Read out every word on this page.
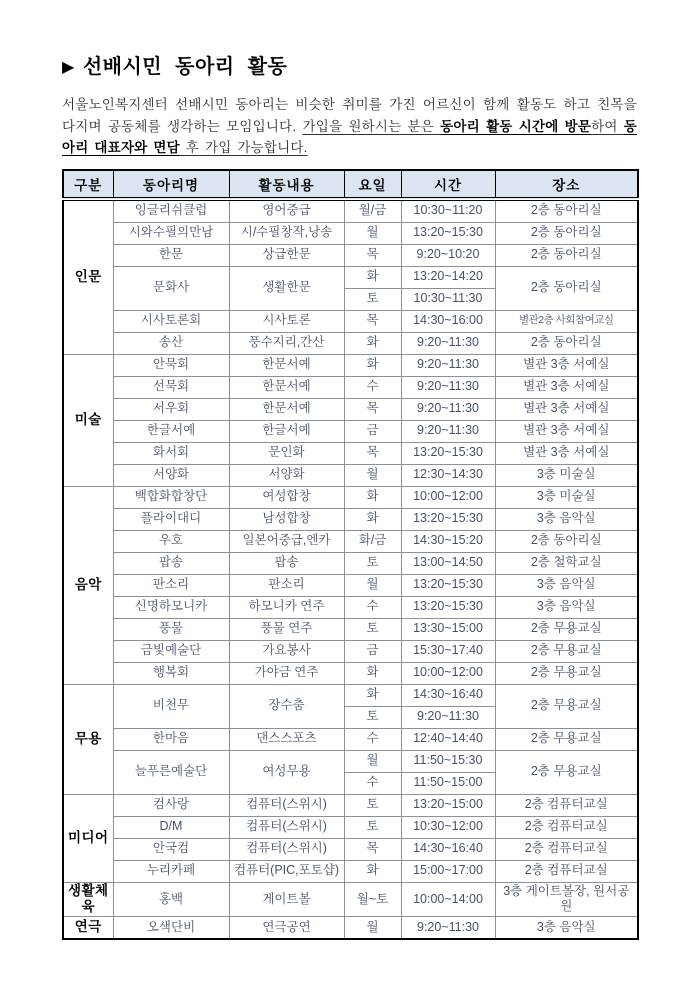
▶ 선배시민 동아리 활동

서울노인복지센터 선배시민 동아리는 비슷한 취미를 가진 어르신이 함께 활동도 하고 친목을 다지며 공동체를 생각하는 모임입니다. 가입을 원하시는 분은 동아리 활동 시간에 방문하여 동아리 대표자와 면담 후 가입 가능합니다.

구분	동아리명	활동내용	요일	시간	장소
인문	잉글리쉬클럽	영어중급	월/금	10:30~11:20	2층 동아리실
	시와수필의만남	시/수필창작,낭송	월	13:20~15:30	2층 동아리실
	한문	상급한문	목	9:20~10:20	2층 동아리실
	문화사	생활한문	화	13:20~14:20	2층 동아리실
			토	10:30~11:30	
	시사토론회	시사토론	목	14:30~16:00	별관2층 사회참여교실
	송산	풍수지리,간산	화	9:20~11:30	2층 동아리실
미술	안묵회	한문서예	화	9:20~11:30	별관 3층 서예실
	선묵회	한문서예	수	9:20~11:30	별관 3층 서예실
	서우회	한문서예	목	9:20~11:30	별관 3층 서예실
	한글서예	한글서예	금	9:20~11:30	별관 3층 서예실
	화서회	문인화	목	13:20~15:30	별관 3층 서예실
	서양화	서양화	월	12:30~14:30	3층 미술실
음악	백합화합창단	여성합창	화	10:00~12:00	3층 미술실
	플라이대디	남성합창	화	13:20~15:30	3층 음악실
	우호	일본어중급,엔카	화/금	14:30~15:20	2층 동아리실
	팝송	팝송	토	13:00~14:50	2층 철학교실
	판소리	판소리	월	13:20~15:30	3층 음악실
	신명하모니카	하모니카 연주	수	13:20~15:30	3층 음악실
	풍물	풍물 연주	토	13:30~15:00	2층 무용교실
	금빛예술단	가요봉사	금	15:30~17:40	2층 무용교실
	행복회	가야금 연주	화	10:00~12:00	2층 무용교실
무용	비천무	장수춤	화	14:30~16:40	2층 무용교실
			토	9:20~11:30	
	한마음	댄스스포츠	수	12:40~14:40	2층 무용교실
	늘푸른예술단	여성무용	월	11:50~15:30	2층 무용교실
			수	11:50~15:00	
미디어	컴사랑	컴퓨터(스위시)	토	13:20~15:00	2층 컴퓨터교실
	D/M	컴퓨터(스위시)	토	10:30~12:00	2층 컴퓨터교실
	안국컴	컴퓨터(스위시)	목	14:30~16:40	2층 컴퓨터교실
	누리카페	컴퓨터(PIC,포토샵)	화	15:00~17:00	2층 컴퓨터교실
생활체육	홍백	게이트볼	월~토	10:00~14:00	3층 게이트볼장, 원서공원
연극	오색단비	연극공연	월	9:20~11:30	3층 음악실
